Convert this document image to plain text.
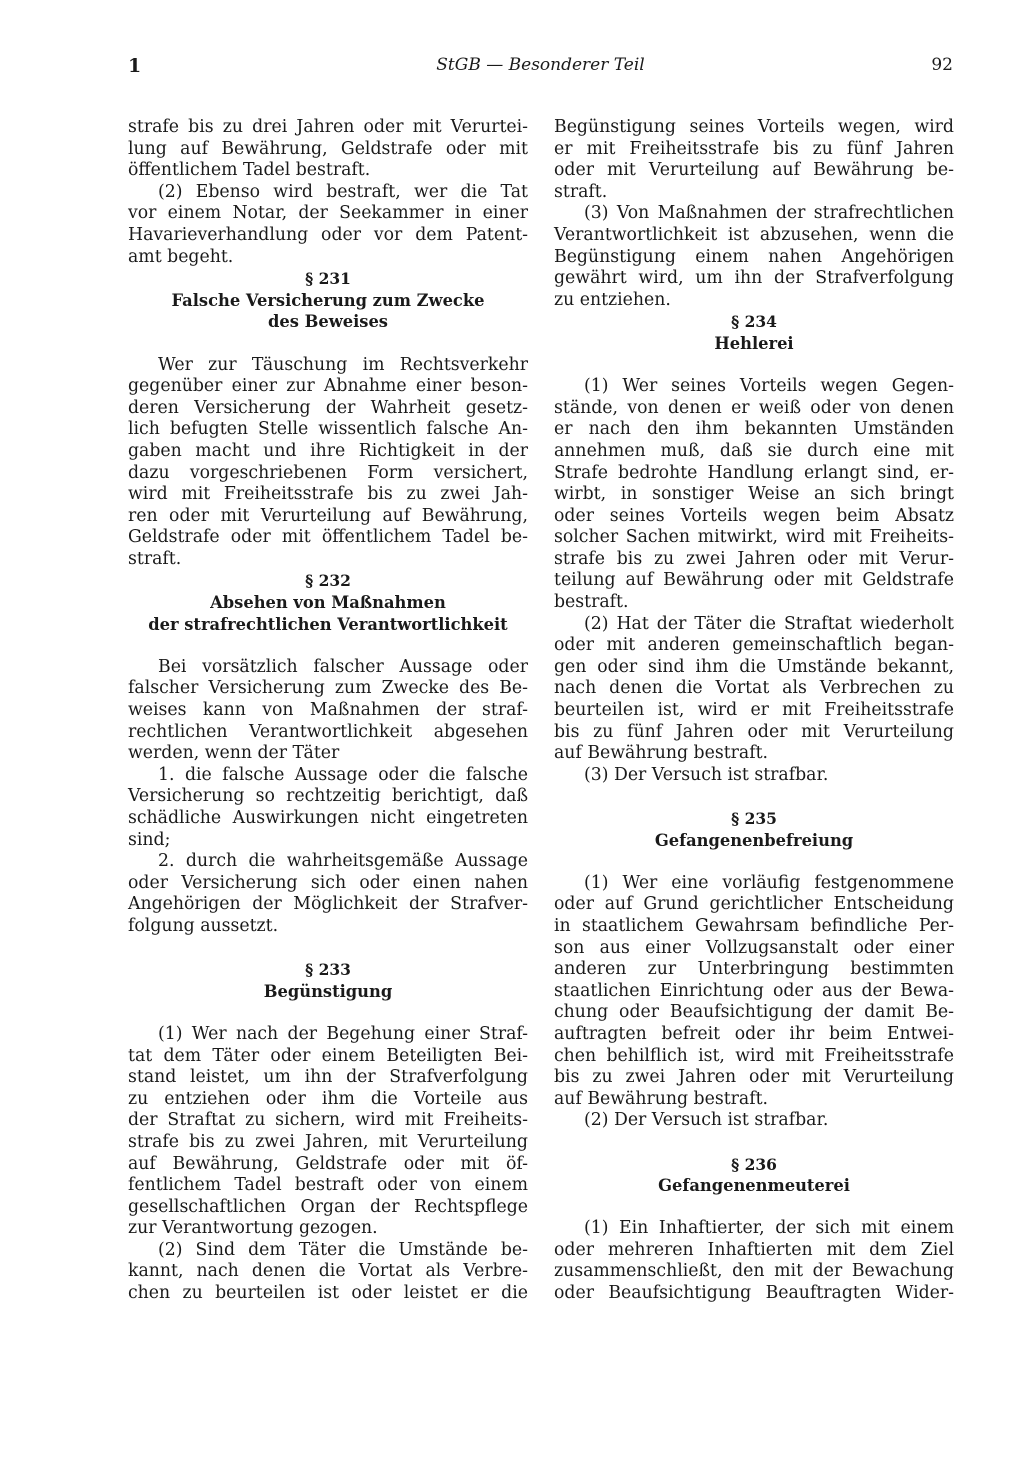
1	StGB — Besonderer Teil	92
strafe bis zu drei Jahren oder mit Verurtei-
lung auf Bewährung, Geldstrafe oder mit
öffentlichem Tadel bestraft.
(2) Ebenso wird bestraft, wer die Tat
vor einem Notar, der Seekammer in einer
Havarieverhandlung oder vor dem Patent-
amt begeht.
§ 231
Falsche Versicherung zum Zwecke
des Beweises
Wer zur Täuschung im Rechtsverkehr
gegenüber einer zur Abnahme einer beson-
deren Versicherung der Wahrheit gesetz-
lich befugten Stelle wissentlich falsche An-
gaben macht und ihre Richtigkeit in der
dazu vorgeschriebenen Form versichert,
wird mit Freiheitsstrafe bis zu zwei Jah-
ren oder mit Verurteilung auf Bewährung,
Geldstrafe oder mit öffentlichem Tadel be-
straft.
§ 232
Absehen von Maßnahmen
der strafrechtlichen Verantwortlichkeit
Bei vorsätzlich falscher Aussage oder
falscher Versicherung zum Zwecke des Be-
weises kann von Maßnahmen der straf-
rechtlichen Verantwortlichkeit abgesehen
werden, wenn der Täter
1. die falsche Aussage oder die falsche
Versicherung so rechtzeitig berichtigt, daß
schädliche Auswirkungen nicht eingetreten
sind;
2. durch die wahrheitsgemäße Aussage
oder Versicherung sich oder einen nahen
Angehörigen der Möglichkeit der Strafver-
folgung aussetzt.
§ 233
Begünstigung
(1) Wer nach der Begehung einer Straf-
tat dem Täter oder einem Beteiligten Bei-
stand leistet, um ihn der Strafverfolgung
zu entziehen oder ihm die Vorteile aus
der Straftat zu sichern, wird mit Freiheits-
strafe bis zu zwei Jahren, mit Verurteilung
auf Bewährung, Geldstrafe oder mit öf-
fentlichem Tadel bestraft oder von einem
gesellschaftlichen Organ der Rechtspflege
zur Verantwortung gezogen.
(2) Sind dem Täter die Umstände be-
kannt, nach denen die Vortat als Verbre-
chen zu beurteilen ist oder leistet er die
Begünstigung seines Vorteils wegen, wird
er mit Freiheitsstrafe bis zu fünf Jahren
oder mit Verurteilung auf Bewährung be-
straft.
(3) Von Maßnahmen der strafrechtlichen
Verantwortlichkeit ist abzusehen, wenn die
Begünstigung einem nahen Angehörigen
gewährt wird, um ihn der Strafverfolgung
zu entziehen.
§ 234
Hehlerei
(1) Wer seines Vorteils wegen Gegen-
stände, von denen er weiß oder von denen
er nach den ihm bekannten Umständen
annehmen muß, daß sie durch eine mit
Strafe bedrohte Handlung erlangt sind, er-
wirbt, in sonstiger Weise an sich bringt
oder seines Vorteils wegen beim Absatz
solcher Sachen mitwirkt, wird mit Freiheits-
strafe bis zu zwei Jahren oder mit Verur-
teilung auf Bewährung oder mit Geldstrafe
bestraft.
(2) Hat der Täter die Straftat wiederholt
oder mit anderen gemeinschaftlich began-
gen oder sind ihm die Umstände bekannt,
nach denen die Vortat als Verbrechen zu
beurteilen ist, wird er mit Freiheitsstrafe
bis zu fünf Jahren oder mit Verurteilung
auf Bewährung bestraft.
(3) Der Versuch ist strafbar.
§ 235
Gefangenenbefreiung
(1) Wer eine vorläufig festgenommene
oder auf Grund gerichtlicher Entscheidung
in staatlichem Gewahrsam befindliche Per-
son aus einer Vollzugsanstalt oder einer
anderen zur Unterbringung bestimmten
staatlichen Einrichtung oder aus der Bewa-
chung oder Beaufsichtigung der damit Be-
auftragten befreit oder ihr beim Entwei-
chen behilflich ist, wird mit Freiheitsstrafe
bis zu zwei Jahren oder mit Verurteilung
auf Bewährung bestraft.
(2) Der Versuch ist strafbar.
§ 236
Gefangenenmeuterei
(1) Ein Inhaftierter, der sich mit einem
oder mehreren Inhaftierten mit dem Ziel
zusammenschließt, den mit der Bewachung
oder Beaufsichtigung Beauftragten Wider-
